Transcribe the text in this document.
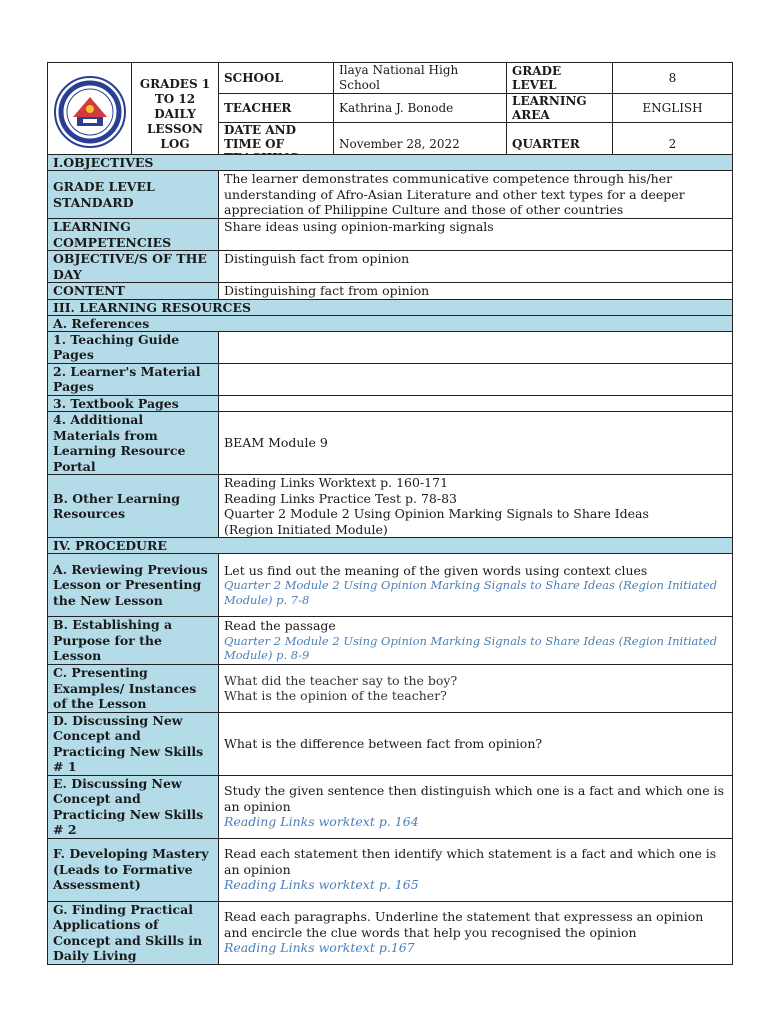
	GRADES 1
TO 12
DAILY
LESSON
LOG	SCHOOL	Ilaya National High School	GRADE LEVEL	8
		TEACHER	Kathrina J. Bonode	LEARNING AREA	ENGLISH
		DATE AND TIME OF	November 28, 2022	QUARTER	2
I.OBJECTIVES	
GRADE LEVEL STANDARD	The learner demonstrates communicative competence through his/her understanding of Afro-Asian Literature and other text types for a deeper appreciation of Philippine Culture and those of other countries
LEARNING COMPETENCIES	Share ideas using opinion-marking signals
OBJECTIVE/S OF THE DAY	Distinguish fact from opinion
CONTENT	Distinguishing fact from opinion
III. LEARNING RESOURCES	
A. References	
1. Teaching Guide Pages	
2. Learner's Material Pages	
3. Textbook Pages	
4. Additional Materials from Learning Resource Portal	BEAM Module 9
B. Other Learning Resources	Reading Links Worktext p. 160-171
Reading Links Practice Test p. 78-83
Quarter 2 Module 2 Using Opinion Marking Signals to Share Ideas
(Region Initiated Module)

IV. PROCEDURE	
A. Reviewing Previous Lesson or Presenting the New Lesson	Let us find out the meaning of the given words using context clues
Quarter 2 Module 2 Using Opinion Marking Signals to Share Ideas (Region Initiated Module) p. 7-8

B. Establishing a Purpose for the Lesson	Read the passage
Quarter 2 Module 2 Using Opinion Marking Signals to Share Ideas (Region Initiated Module) p. 8-9

C. Presenting Examples/ Instances of the Lesson	What did the teacher say to the boy?
What is the opinion of the teacher?

D. Discussing New Concept and Practicing New Skills # 1	What is the difference between fact from opinion?
E. Discussing New Concept and Practicing New Skills # 2	Study the given sentence then distinguish which one is a fact and which one is an opinion
Reading Links worktext p. 164

F. Developing Mastery (Leads to Formative Assessment)	Read each statement then identify which statement is a fact and which one is an opinion
Reading Links worktext p. 165

G. Finding Practical Applications of Concept and Skills in Daily Living	Read each paragraphs. Underline the statement that expressess an opinion and encircle the clue words that help you recognised the opinion
Reading Links worktext p.167
